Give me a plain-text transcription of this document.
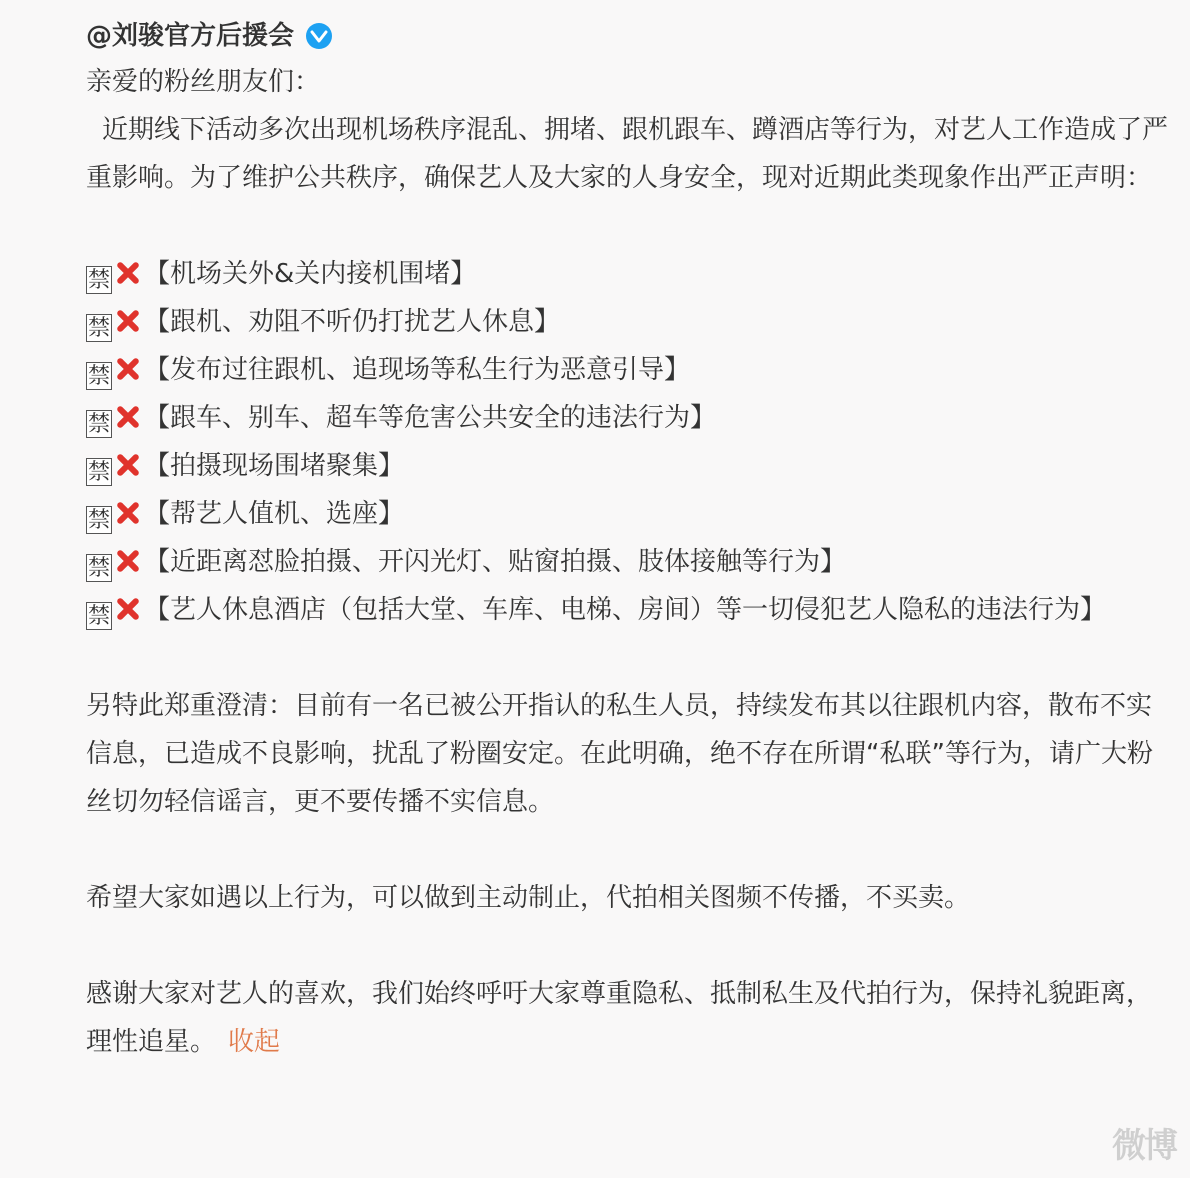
@刘骏官方后援会

亲爱的粉丝朋友们：

近期线下活动多次出现机场秩序混乱、拥堵、跟机跟车、蹲酒店等行为，对艺人工作造成了严重影响。为了维护公共秩序，确保艺人及大家的人身安全，现对近期此类现象作出严正声明：

禁 【机场关外&关内接机围堵】
禁 【跟机、劝阻不听仍打扰艺人休息】
禁 【发布过往跟机、追现场等私生行为恶意引导】
禁 【跟车、别车、超车等危害公共安全的违法行为】
禁 【拍摄现场围堵聚集】
禁 【帮艺人值机、选座】
禁 【近距离怼脸拍摄、开闪光灯、贴窗拍摄、肢体接触等行为】
禁 【艺人休息酒店（包括大堂、车库、电梯、房间）等一切侵犯艺人隐私的违法行为】

另特此郑重澄清：目前有一名已被公开指认的私生人员，持续发布其以往跟机内容，散布不实信息，已造成不良影响，扰乱了粉圈安定。在此明确，绝不存在所谓“私联”等行为，请广大粉丝切勿轻信谣言，更不要传播不实信息。

希望大家如遇以上行为，可以做到主动制止，代拍相关图频不传播，不买卖。

感谢大家对艺人的喜欢，我们始终呼吁大家尊重隐私、抵制私生及代拍行为，保持礼貌距离，理性追星。 收起

微博
